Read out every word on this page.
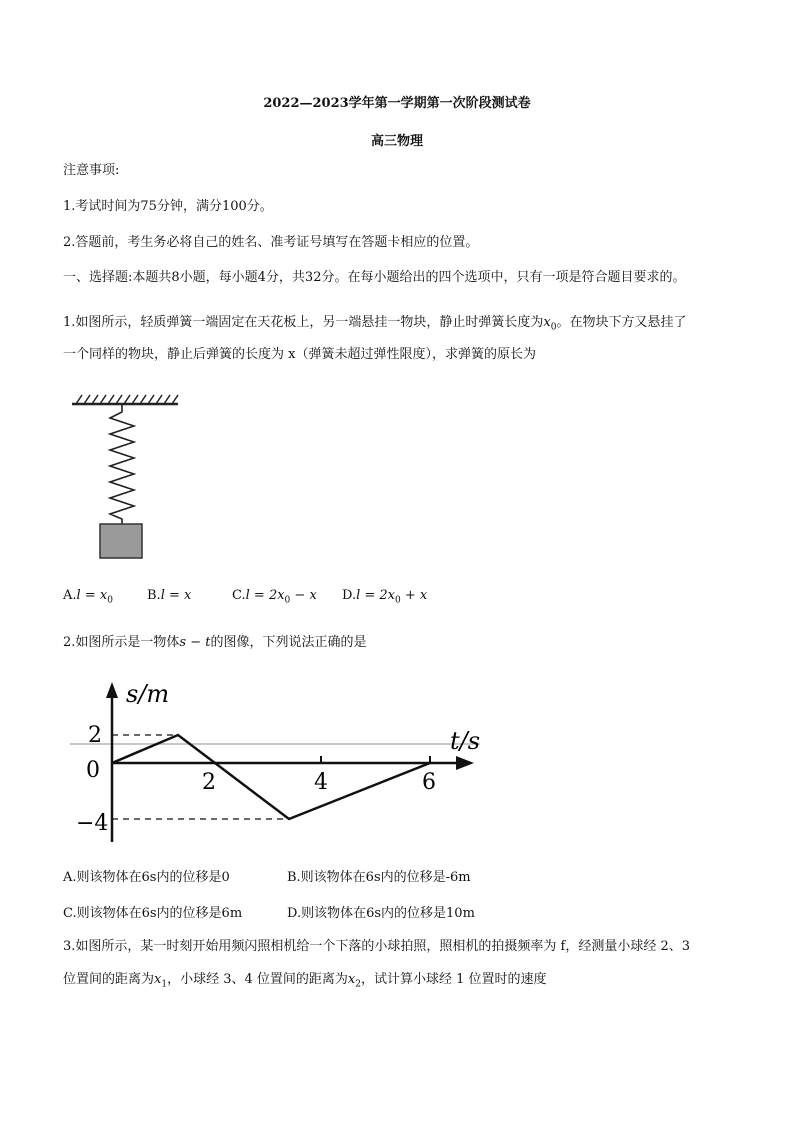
2022—2023学年第一学期第一次阶段测试卷
高三物理
注意事项:
1.考试时间为75分钟，满分100分。
2.答题前，考生务必将自己的姓名、准考证号填写在答题卡相应的位置。
一、选择题:本题共8小题，每小题4分，共32分。在每小题给出的四个选项中，只有一项是符合题目要求的。
1.如图所示，轻质弹簧一端固定在天花板上，另一端悬挂一物块，静止时弹簧长度为$x_0$。在物块下方又悬挂了
一个同样的物块，静止后弹簧的长度为 x（弹簧未超过弹性限度），求弹簧的原长为
$A.l = x_0$	B.l = x	$C.l = 2x_0 - x$ $D.l = 2x_0 + x$
2.如图所示是一物体s − t的图像，下列说法正确的是
s/m
t/s
2
0
−4
2	4	6
A.则该物体在6s内的位移是0	B.则该物体在6s内的位移是-6m
C.则该物体在6s内的位移是6m	D.则该物体在6s内的位移是10m
3.如图所示，某一时刻开始用频闪照相机给一个下落的小球拍照，照相机的拍摄频率为 f，经测量小球经 2、3
位置间的距离为$x_1$，小球经 3、4 位置间的距离为$x_2$，试计算小球经 1 位置时的速度
